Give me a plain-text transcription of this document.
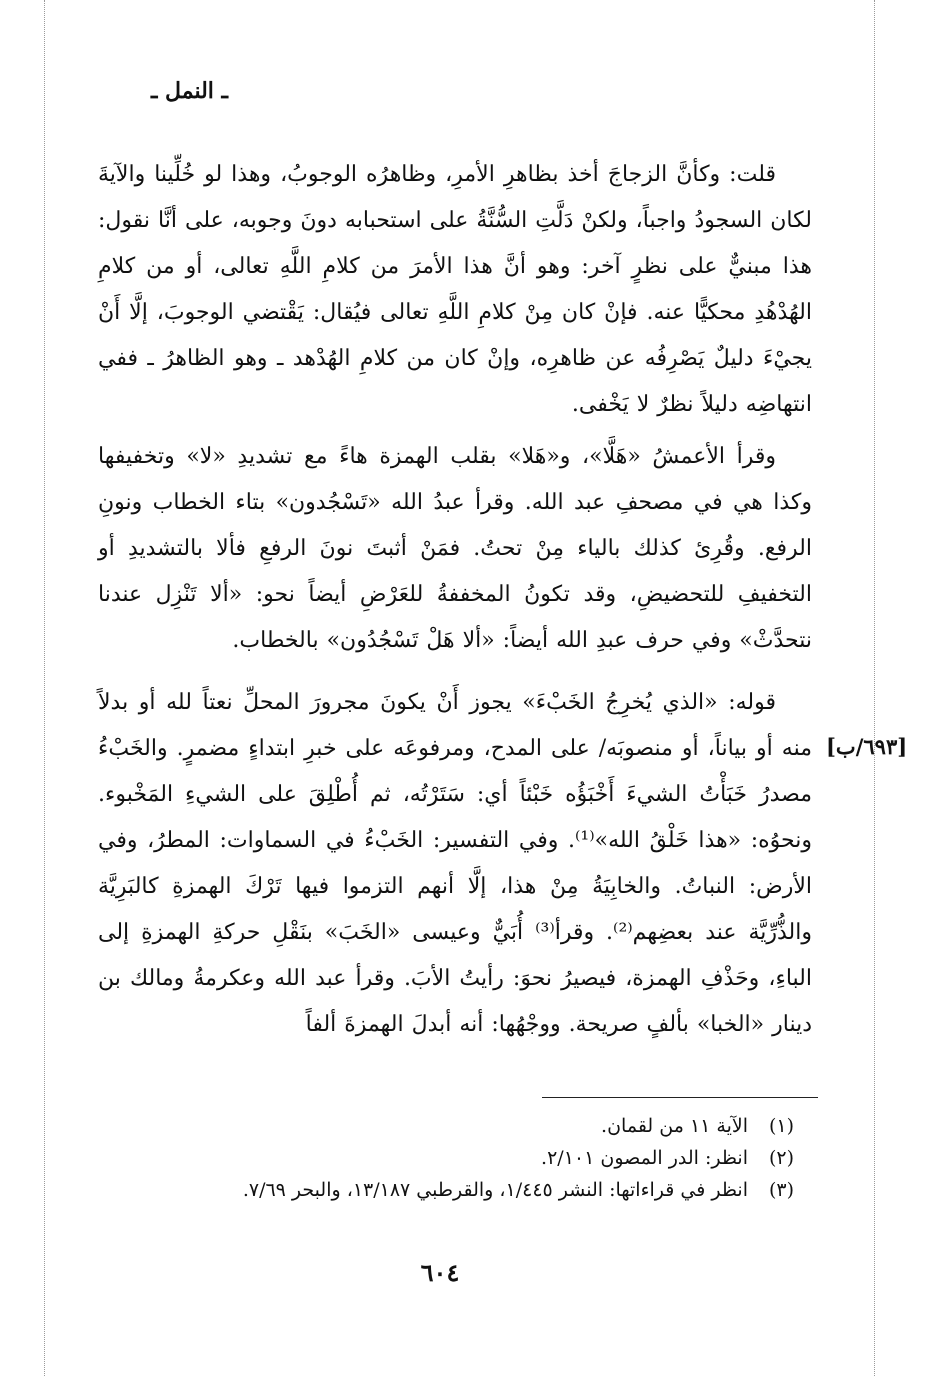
ـ النمل ـ

قلت: وكأنَّ الزجاجَ أخذ بظاهرِ الأمرِ، وظاهرُه الوجوبُ، وهذا لو خُلِّينا والآيةَ لكان السجودُ واجباً، ولكنْ دَلَّتِ السُّنَّةُ على استحبابه دونَ وجوبه، على أنَّا نقول: هذا مبنيٌّ على نظرٍ آخر: وهو أنَّ هذا الأمرَ من كلامِ اللَّهِ تعالى، أو من كلامِ الهُدْهُدِ محكيًّا عنه. فإنْ كان مِنْ كلامِ اللَّهِ تعالى فيُقال: يَقْتضي الوجوبَ، إلَّا أَنْ يجيْءَ دليلٌ يَصْرِفُه عن ظاهرِه، وإنْ كان من كلامِ الهُدْهد ـ وهو الظاهرُ ـ ففي انتهاضِه دليلاً نظرٌ لا يَخْفى.

وقرأ الأعمشُ «هَلَّا»، و«هَلا» بقلب الهمزة هاءً مع تشديدِ «لا» وتخفيفها وكذا هي في مصحفِ عبد الله. وقرأ عبدُ الله «تَسْجُدون» بتاء الخطاب ونونِ الرفع. وقُرِئ كذلك بالياء مِنْ تحتُ. فمَنْ أثبتَ نونَ الرفعِ فألا بالتشديدِ أو التخفيفِ للتحضيضِ، وقد تكونُ المخففةُ للعَرْضِ أيضاً نحو: «ألا تَنْزِل عندنا نتحدَّثْ» وفي حرف عبدِ الله أيضاً: «ألا هَلْ تَسْجُدُون» بالخطاب.

قوله: «الذي يُخرِجُ الخَبْءَ» يجوز أَنْ يكونَ مجرورَ المحلِّ نعتاً لله أو بدلاً منه أو بياناً، أو منصوبَه/ على المدح، ومرفوعَه على خبرِ ابتداءٍ مضمرٍ. والخَبْءُ مصدرُ خَبَأْتُ الشيءَ أَخْبَؤُه خَبْئاً أي: سَتَرْتُه، ثم أُطْلِقَ على الشيءِ المَخْبوء. ونحوُه: «هذا خَلْقُ الله»⁽¹⁾. وفي التفسير: الخَبْءُ في السماوات: المطرُ، وفي الأرض: النباتُ. والخابِيَةُ مِنْ هذا، إلَّا أنهم التزموا فيها تَرْكَ الهمزةِ كالبَرِيَّة والذُّرِّيَّة عند بعضِهم⁽²⁾. وقرأ⁽³⁾ أُبَيٌّ وعيسى «الخَبَ» بنَقْلِ حركةِ الهمزةِ إلى الباءِ، وحَذْفِ الهمزة، فيصيرُ نحوَ: رأيتُ الأبَ. وقرأ عبد الله وعكرمةُ ومالك بن دينار «الخبا» بألفٍ صريحة. ووجْهُها: أنه أبدلَ الهمزةَ ألفاً

[٦٩٣/ب]
(١)الآية ١١ من لقمان.
(٢)انظر: الدر المصون ٢/١٠١.
(٣)انظر في قراءاتها: النشر ١/٤٤٥، والقرطبي ١٣/١٨٧، والبحر ٧/٦٩.
٦٠٤
